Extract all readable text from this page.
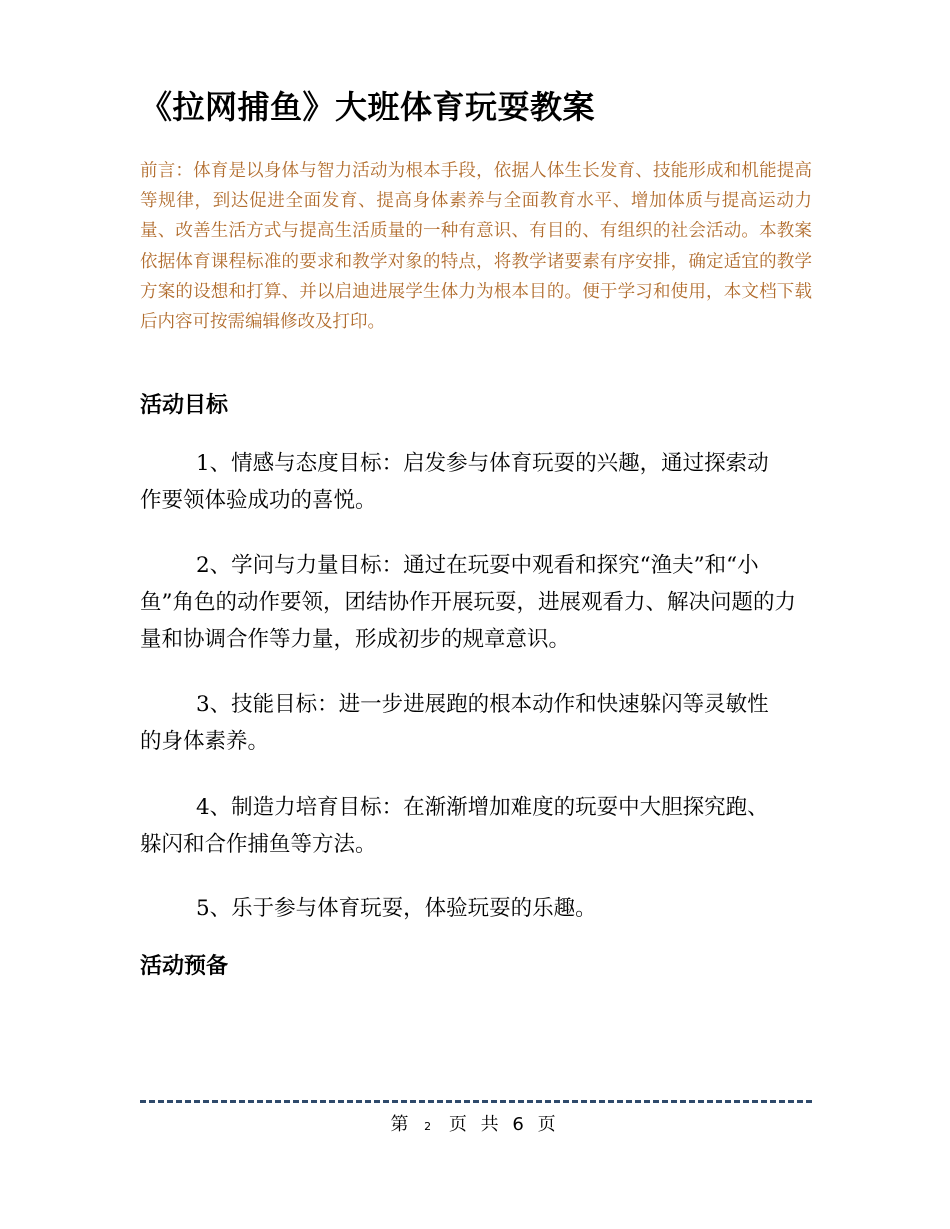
《拉网捕鱼》大班体育玩耍教案
前言：体育是以身体与智力活动为根本手段，依据人体生长发育、技能形成和机能提高等规律，到达促进全面发育、提高身体素养与全面教育水平、增加体质与提高运动力量、改善生活方式与提高生活质量的一种有意识、有目的、有组织的社会活动。本教案依据体育课程标准的要求和教学对象的特点，将教学诸要素有序安排，确定适宜的教学方案的设想和打算、并以启迪进展学生体力为根本目的。便于学习和使用，本文档下载后内容可按需编辑修改及打印。
活动目标
1、情感与态度目标：启发参与体育玩耍的兴趣，通过探索动作要领体验成功的喜悦。
2、学问与力量目标：通过在玩耍中观看和探究“渔夫”和“小鱼”角色的动作要领，团结协作开展玩耍，进展观看力、解决问题的力量和协调合作等力量，形成初步的规章意识。
3、技能目标：进一步进展跑的根本动作和快速躲闪等灵敏性的身体素养。
4、制造力培育目标：在渐渐增加难度的玩耍中大胆探究跑、躲闪和合作捕鱼等方法。
5、乐于参与体育玩耍，体验玩耍的乐趣。
活动预备
第 2 页 共 6 页
